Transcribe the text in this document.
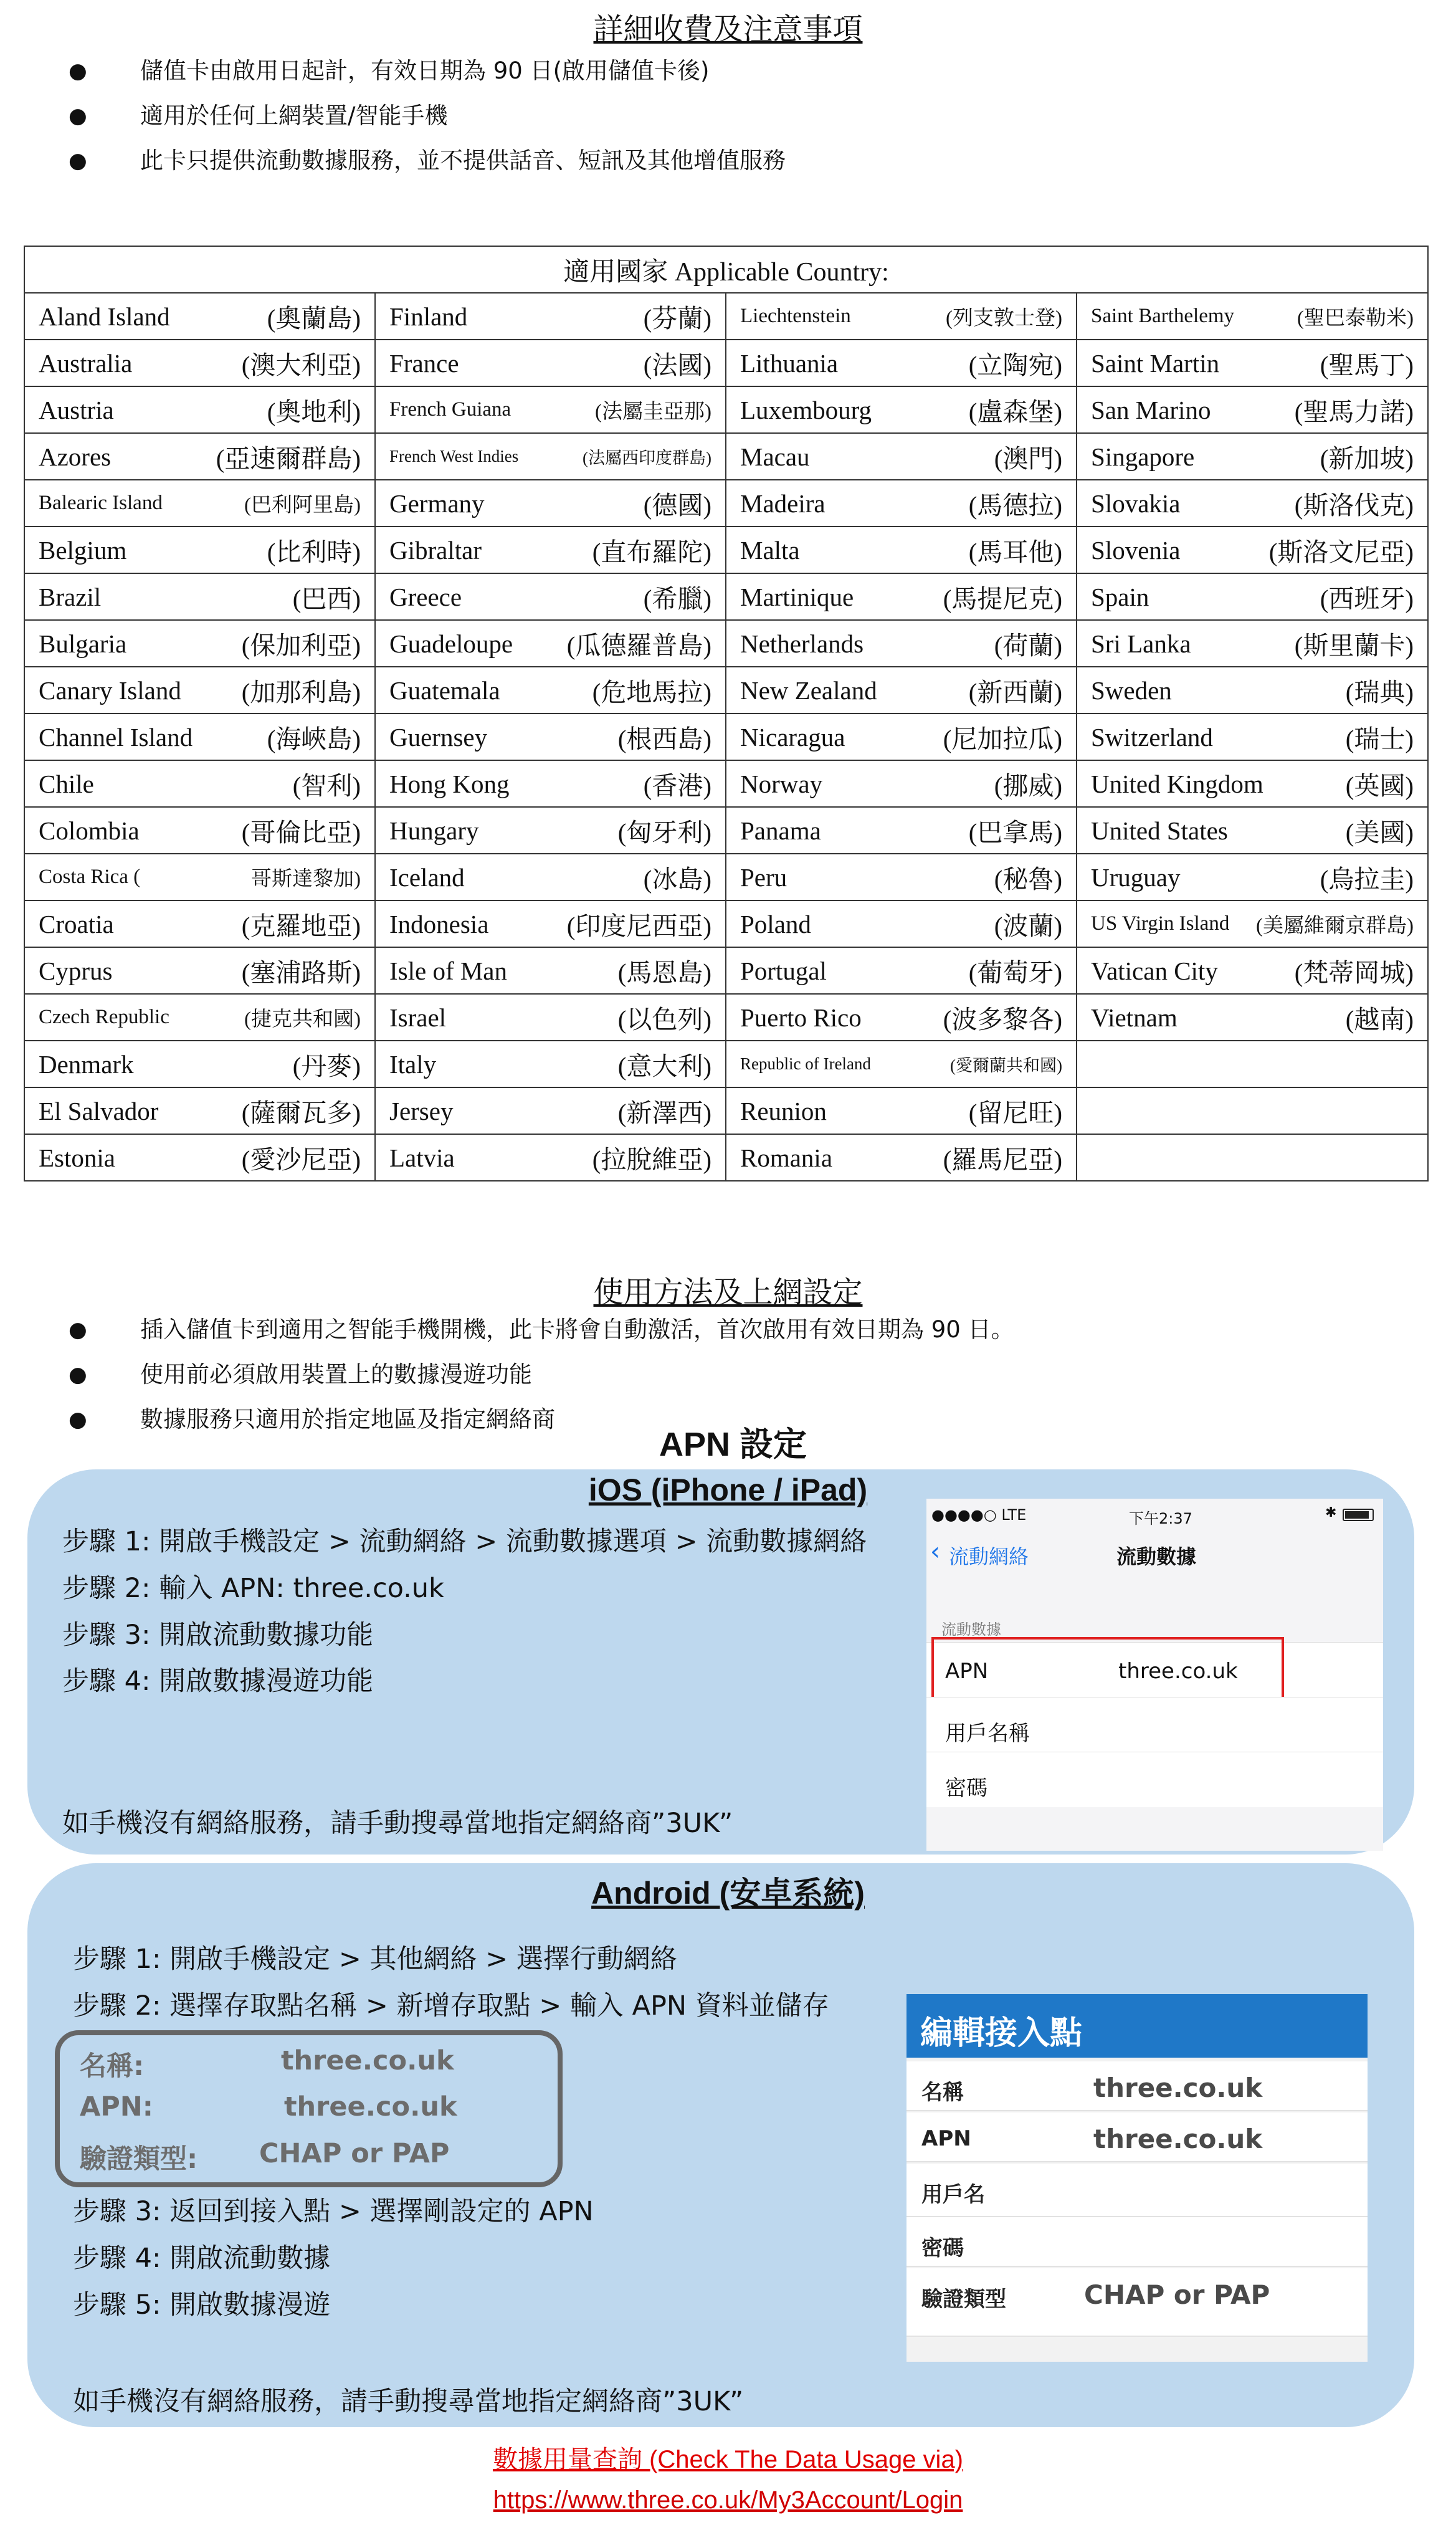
詳細收費及注意事項
● 儲值卡由啟用日起計，有效日期為 90 日(啟用儲值卡後)
● 適用於任何上網裝置/智能手機
● 此卡只提供流動數據服務，並不提供話音、短訊及其他增值服務
適用國家 Applicable Country:			

Aland Island (奧蘭島)	Finland (芬蘭)	Liechtenstein (列支敦士登)	Saint Barthelemy (聖巴泰勒米)

Australia (澳大利亞)	France (法國)	Lithuania (立陶宛)	Saint Martin (聖馬丁)

Austria (奧地利)	French Guiana (法屬圭亞那)	Luxembourg (盧森堡)	San Marino (聖馬力諾)

Azores (亞速爾群島)	French West Indies (法屬西印度群島)	Macau (澳門)	Singapore (新加坡)

Balearic Island (巴利阿里島)	Germany (德國)	Madeira (馬德拉)	Slovakia (斯洛伐克)

Belgium (比利時)	Gibraltar (直布羅陀)	Malta (馬耳他)	Slovenia (斯洛文尼亞)

Brazil (巴西)	Greece (希臘)	Martinique (馬提尼克)	Spain (西班牙)

Bulgaria (保加利亞)	Guadeloupe (瓜德羅普島)	Netherlands (荷蘭)	Sri Lanka (斯里蘭卡)

Canary Island (加那利島)	Guatemala (危地馬拉)	New Zealand (新西蘭)	Sweden (瑞典)

Channel Island (海峽島)	Guernsey (根西島)	Nicaragua (尼加拉瓜)	Switzerland (瑞士)

Chile (智利)	Hong Kong (香港)	Norway (挪威)	United Kingdom (英國)

Colombia (哥倫比亞)	Hungary (匈牙利)	Panama (巴拿馬)	United States (美國)

Costa Rica ( 哥斯達黎加)	Iceland (冰島)	Peru (秘魯)	Uruguay (烏拉圭)

Croatia (克羅地亞)	Indonesia (印度尼西亞)	Poland (波蘭)	US Virgin Island (美屬維爾京群島)

Cyprus (塞浦路斯)	Isle of Man (馬恩島)	Portugal (葡萄牙)	Vatican City (梵蒂岡城)

Czech Republic (捷克共和國)	Israel (以色列)	Puerto Rico (波多黎各)	Vietnam (越南)

Denmark (丹麥)	Italy (意大利)	Republic of Ireland (愛爾蘭共和國)	

El Salvador (薩爾瓦多)	Jersey (新澤西)	Reunion (留尼旺)	

Estonia (愛沙尼亞)	Latvia (拉脫維亞)	Romania (羅馬尼亞)	

使用方法及上網設定
● 插入儲值卡到適用之智能手機開機，此卡將會自動激活，首次啟用有效日期為 90 日。
● 使用前必須啟用裝置上的數據漫遊功能
● 數據服務只適用於指定地區及指定網絡商
APN 設定
iOS (iPhone / iPad)
步驟 1: 開啟手機設定 > 流動網絡 > 流動數據選項 > 流動數據網絡
步驟 2: 輸入 APN: three.co.uk
步驟 3: 開啟流動數據功能
步驟 4: 開啟數據漫遊功能
如手機沒有網絡服務，請手動搜尋當地指定網絡商”3UK”
●●●●○ LTE	下午2:37	✱
‹ 流動網絡	流動數據
流動數據
APN	three.co.uk
用戶名稱
密碼
Android (安卓系統)
步驟 1: 開啟手機設定 > 其他網絡 > 選擇行動網絡
步驟 2: 選擇存取點名稱 > 新增存取點 > 輸入 APN 資料並儲存
名稱:	three.co.uk
APN:	three.co.uk
驗證類型: CHAP or PAP
步驟 3: 返回到接入點 > 選擇剛設定的 APN
步驟 4: 開啟流動數據
步驟 5: 開啟數據漫遊
如手機沒有網絡服務，請手動搜尋當地指定網絡商”3UK”
編輯接入點
名稱	three.co.uk
APN	three.co.uk
用戶名
密碼
驗證類型	CHAP or PAP
數據用量查詢 (Check The Data Usage via)
https://www.three.co.uk/My3Account/Login
